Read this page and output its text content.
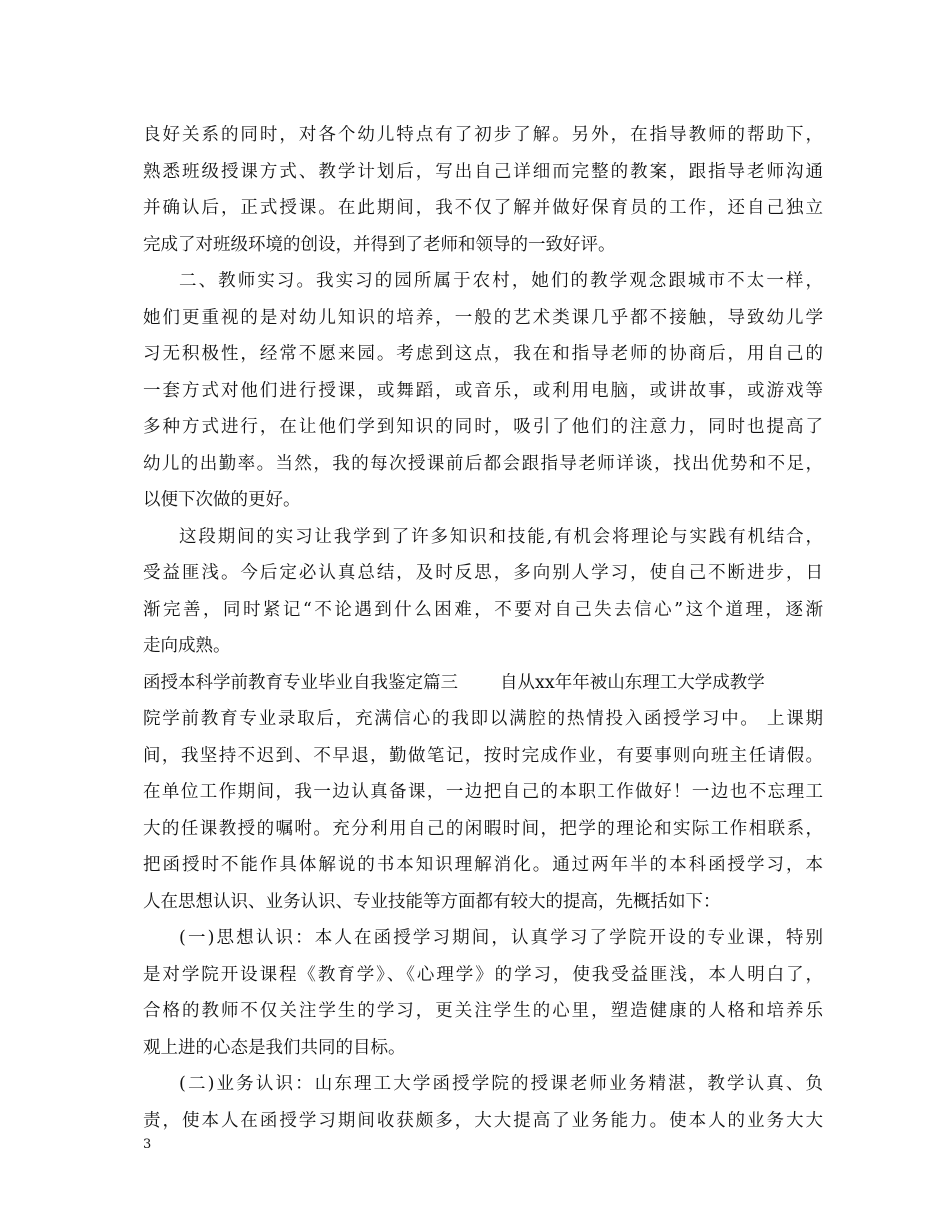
良好关系的同时，对各个幼儿特点有了初步了解。另外，在指导教师的帮助下，
熟悉班级授课方式、教学计划后，写出自己详细而完整的教案，跟指导老师沟通
并确认后，正式授课。在此期间，我不仅了解并做好保育员的工作，还自己独立
完成了对班级环境的创设，并得到了老师和领导的一致好评。
二、教师实习。我实习的园所属于农村，她们的教学观念跟城市不太一样，
她们更重视的是对幼儿知识的培养，一般的艺术类课几乎都不接触，导致幼儿学
习无积极性，经常不愿来园。考虑到这点，我在和指导老师的协商后，用自己的
一套方式对他们进行授课，或舞蹈，或音乐，或利用电脑，或讲故事，或游戏等
多种方式进行，在让他们学到知识的同时，吸引了他们的注意力，同时也提高了
幼儿的出勤率。当然，我的每次授课前后都会跟指导老师详谈，找出优势和不足，
以便下次做的更好。
这段期间的实习让我学到了许多知识和技能,有机会将理论与实践有机结合，
受益匪浅。今后定必认真总结，及时反思，多向别人学习，使自己不断进步，日
渐完善，同时紧记“不论遇到什么困难，不要对自己失去信心”这个道理，逐渐
走向成熟。
函授本科学前教育专业毕业自我鉴定篇三 自从xx年年被山东理工大学成教学
院学前教育专业录取后，充满信心的我即以满腔的热情投入函授学习中。 上课期
间，我坚持不迟到、不早退，勤做笔记，按时完成作业，有要事则向班主任请假。
在单位工作期间，我一边认真备课，一边把自己的本职工作做好！一边也不忘理工
大的任课教授的嘱咐。充分利用自己的闲暇时间，把学的理论和实际工作相联系，
把函授时不能作具体解说的书本知识理解消化。通过两年半的本科函授学习，本
人在思想认识、业务认识、专业技能等方面都有较大的提高，先概括如下：
(一)思想认识：本人在函授学习期间，认真学习了学院开设的专业课，特别
是对学院开设课程《教育学》、《心理学》的学习，使我受益匪浅，本人明白了，
合格的教师不仅关注学生的学习，更关注学生的心里，塑造健康的人格和培养乐
观上进的心态是我们共同的目标。
(二)业务认识：山东理工大学函授学院的授课老师业务精湛，教学认真、负
责，使本人在函授学习期间收获颇多，大大提高了业务能力。使本人的业务大大
3
